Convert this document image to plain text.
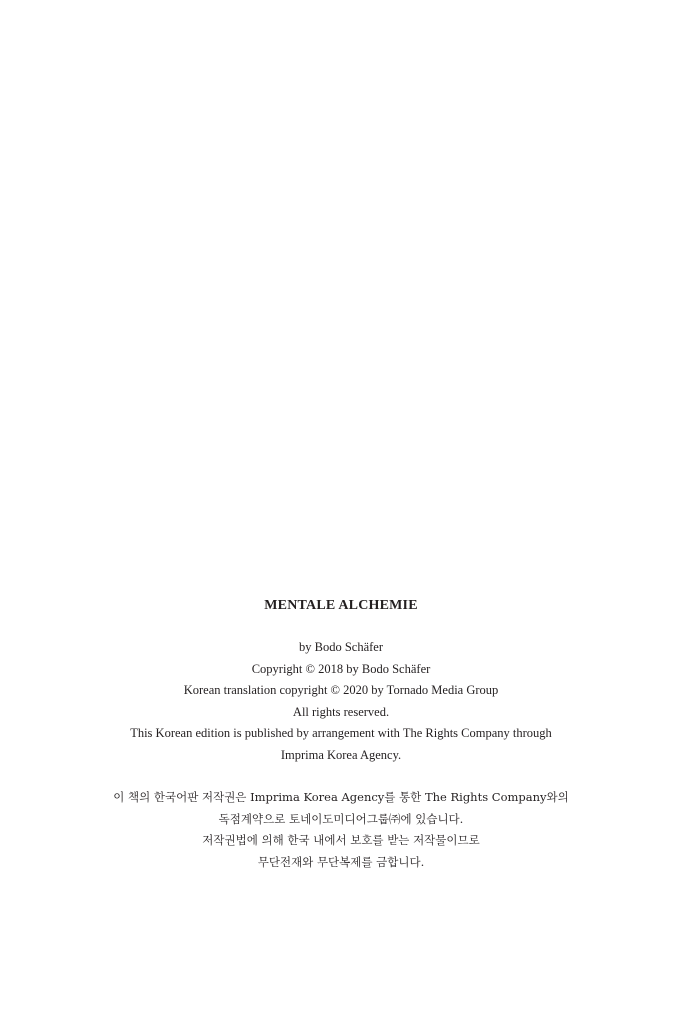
MENTALE ALCHEMIE
by Bodo Schäfer
Copyright © 2018 by Bodo Schäfer
Korean translation copyright © 2020 by Tornado Media Group
All rights reserved.
This Korean edition is published by arrangement with The Rights Company through
Imprima Korea Agency.
이 책의 한국어판 저작권은 Imprima Korea Agency를 통한 The Rights Company와의
독점계약으로 토네이도미디어그룹㈜에 있습니다.
저작권법에 의해 한국 내에서 보호를 받는 저작물이므로
무단전재와 무단복제를 금합니다.
